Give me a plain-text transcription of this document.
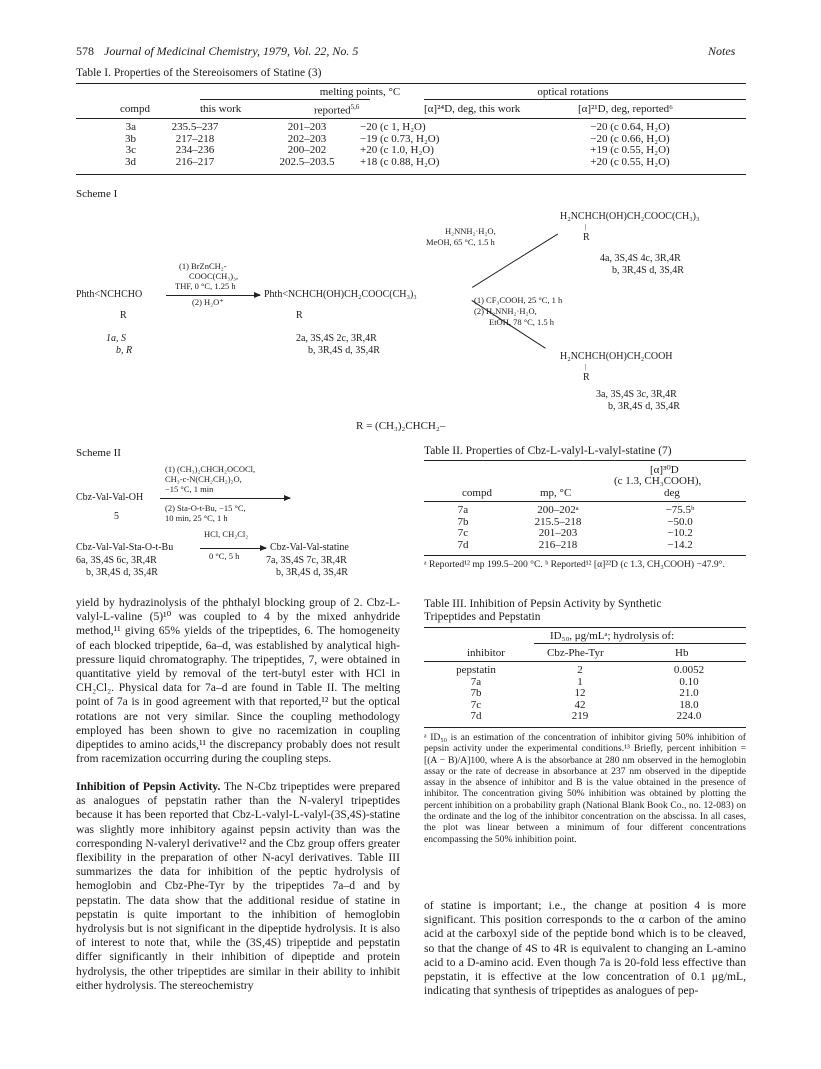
578 Journal of Medicinal Chemistry, 1979, Vol. 22, No. 5	Notes
Table I. Properties of the Stereoisomers of Statine (3)
melting points, °C	optical rotations
compd	this work	reported$^{5,6}$	[α]²⁴D, deg, this work	[α]²¹D, deg, reported⁶
3a	235.5–237	201–203	−20 (c 1, H₂O)	−20 (c 0.64, H₂O)
3b	217–218	202–203	−19 (c 0.73, H₂O)	−20 (c 0.66, H₂O)
3c	234–236	200–202	+20 (c 1.0, H₂O)	+19 (c 0.55, H₂O)
3d	216–217	202.5–203.5	+18 (c 0.88, H₂O)	+20 (c 0.55, H₂O)
Scheme I
H₂NCHCH(OH)CH₂COOC(CH₃)₃
|
R
H₂NNH₂·H₂O,
MeOH, 65 °C, 1.5 h
4a, 3S,4S 4c, 3R,4R
b, 3R,4S d, 3S,4R
(1) BrZnCH₂-
COOC(CH₃)₃,
THF, 0 °C, 1.25 h
Phth<NCHCHO
(2) H₂O⁺
Phth<NCHCH(OH)CH₂COOC(CH₃)₃
R	R
1a, S
b, R
2a, 3S,4S 2c, 3R,4R
b, 3R,4S d, 3S,4R
(1) CF₃COOH, 25 °C, 1 h
(2) H₂NNH₂·H₂O,
EtOH, 78 °C, 1.5 h
H₂NCHCH(OH)CH₂COOH
|
R
3a, 3S,4S 3c, 3R,4R
b, 3R,4S d, 3S,4R
R = (CH₃)₂CHCH₂–
Scheme II
(1) (CH₃)₂CHCH₂OCOCl,
CH₃-c-N(CH₂CH₂)₂O,
−15 °C, 1 min
Cbz-Val-Val-OH
(2) Sta-O-t-Bu, −15 °C,
10 min, 25 °C, 1 h
5
HCl, CH₂Cl₂
Cbz-Val-Val-Sta-O-t-Bu
0 °C, 5 h
Cbz-Val-Val-statine
6a, 3S,4S 6c, 3R,4R
b, 3R,4S d, 3S,4R
7a, 3S,4S 7c, 3R,4R
b, 3R,4S d, 3S,4R
Table II. Properties of Cbz-L-valyl-L-valyl-statine (7)
[α]³⁰D
(c 1.3, CH₃COOH),
compd	mp, °C	deg
7a	200–202ᵃ	−75.5ᵇ
7b	215.5–218	−50.0
7c	201–203	−10.2
7d	216–218	−14.2
ᵃ Reported¹² mp 199.5–200 °C. ᵇ Reported¹² [α]²²D (c 1.3, CH₃COOH) −47.9°.
Table III. Inhibition of Pepsin Activity by Synthetic
Tripeptides and Pepstatin
ID₅₀, μg/mLᵃ; hydrolysis of:
inhibitor	Cbz-Phe-Tyr	Hb
pepstatin	2	0.0052
7a	1	0.10
7b	12	21.0
7c	42	18.0
7d	219	224.0
ᵃ ID₅₀ is an estimation of the concentration of inhibitor giving 50% inhibition of pepsin activity under the experimental conditions.¹³ Briefly, percent inhibition = [(A − B)/A]100, where A is the absorbance at 280 nm observed in the hemoglobin assay or the rate of decrease in absorbance at 237 nm observed in the dipeptide assay in the absence of inhibitor and B is the value obtained in the presence of inhibitor. The concentration giving 50% inhibition was obtained by plotting the percent inhibition on a probability graph (National Blank Book Co., no. 12-083) on the ordinate and the log of the inhibitor concentration on the abscissa. In all cases, the plot was linear between a minimum of four different concentrations encompassing the 50% inhibition point.
yield by hydrazinolysis of the phthalyl blocking group of 2. Cbz-L-valyl-L-valine (5)¹⁰ was coupled to 4 by the mixed anhydride method,¹¹ giving 65% yields of the tripeptides, 6. The homogeneity of each blocked tripeptide, 6a–d, was established by analytical high-pressure liquid chromatography. The tripeptides, 7, were obtained in quantitative yield by removal of the tert-butyl ester with HCl in CH₂Cl₂. Physical data for 7a–d are found in Table II. The melting point of 7a is in good agreement with that reported,¹² but the optical rotations are not very similar. Since the coupling methodology employed has been shown to give no racemization in coupling dipeptides to amino acids,¹¹ the discrepancy probably does not result from racemization occurring during the coupling steps.
Inhibition of Pepsin Activity. The N-Cbz tripeptides were prepared as analogues of pepstatin rather than the N-valeryl tripeptides because it has been reported that Cbz-L-valyl-L-valyl-(3S,4S)-statine was slightly more inhibitory against pepsin activity than was the corresponding N-valeryl derivative¹² and the Cbz group offers greater flexibility in the preparation of other N-acyl derivatives. Table III summarizes the data for inhibition of the peptic hydrolysis of hemoglobin and Cbz-Phe-Tyr by the tripeptides 7a–d and by pepstatin. The data show that the additional residue of statine in pepstatin is quite important to the inhibition of hemoglobin hydrolysis but is not significant in the dipeptide hydrolysis. It is also of interest to note that, while the (3S,4S) tripeptide and pepstatin differ significantly in their inhibition of dipeptide and protein hydrolysis, the other tripeptides are similar in their ability to inhibit either hydrolysis. The stereochemistry
of statine is important; i.e., the change at position 4 is more significant. This position corresponds to the α carbon of the amino acid at the carboxyl side of the peptide bond which is to be cleaved, so that the change of 4S to 4R is equivalent to changing an L-amino acid to a D-amino acid. Even though 7a is 20-fold less effective than pepstatin, it is effective at the low concentration of 0.1 μg/mL, indicating that synthesis of tripeptides as analogues of pep-
